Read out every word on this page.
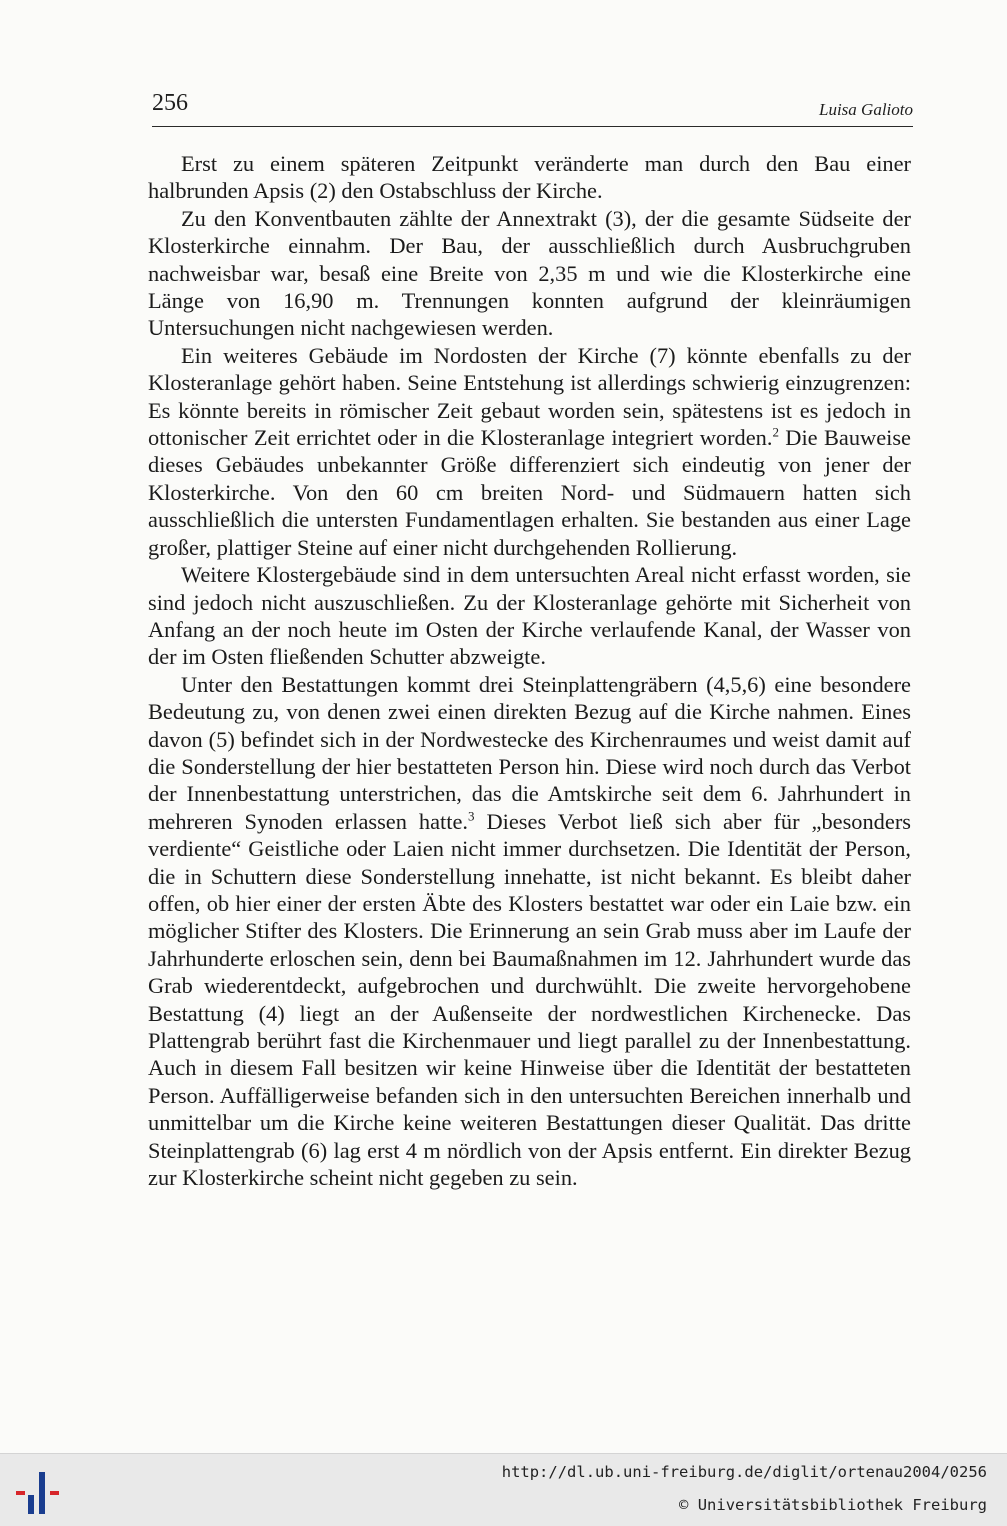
256	Luisa Galioto

Erst zu einem späteren Zeitpunkt veränderte man durch den Bau einer halbrunden Apsis (2) den Ostabschluss der Kirche.

Zu den Konventbauten zählte der Annextrakt (3), der die gesamte Südseite der Klosterkirche einnahm. Der Bau, der ausschließlich durch Ausbruchgruben nachweisbar war, besaß eine Breite von 2,35 m und wie die Klosterkirche eine Länge von 16,90 m. Trennungen konnten aufgrund der kleinräumigen Untersuchungen nicht nachgewiesen werden.

Ein weiteres Gebäude im Nordosten der Kirche (7) könnte ebenfalls zu der Klosteranlage gehört haben. Seine Entstehung ist allerdings schwierig einzugrenzen: Es könnte bereits in römischer Zeit gebaut worden sein, spätestens ist es jedoch in ottonischer Zeit errichtet oder in die Klosteranlage integriert worden.$^2$ Die Bauweise dieses Gebäudes unbekannter Größe differenziert sich eindeutig von jener der Klosterkirche. Von den 60 cm breiten Nord- und Südmauern hatten sich ausschließlich die untersten Fundamentlagen erhalten. Sie bestanden aus einer Lage großer, plattiger Steine auf einer nicht durchgehenden Rollierung.

Weitere Klostergebäude sind in dem untersuchten Areal nicht erfasst worden, sie sind jedoch nicht auszuschließen. Zu der Klosteranlage gehörte mit Sicherheit von Anfang an der noch heute im Osten der Kirche verlaufende Kanal, der Wasser von der im Osten fließenden Schutter abzweigte.

Unter den Bestattungen kommt drei Steinplattengräbern (4,5,6) eine besondere Bedeutung zu, von denen zwei einen direkten Bezug auf die Kirche nahmen. Eines davon (5) befindet sich in der Nordwestecke des Kirchenraumes und weist damit auf die Sonderstellung der hier bestatteten Person hin. Diese wird noch durch das Verbot der Innenbestattung unterstrichen, das die Amtskirche seit dem 6. Jahrhundert in mehreren Synoden erlassen hatte.$^3$ Dieses Verbot ließ sich aber für „besonders verdiente“ Geistliche oder Laien nicht immer durchsetzen. Die Identität der Person, die in Schuttern diese Sonderstellung innehatte, ist nicht bekannt. Es bleibt daher offen, ob hier einer der ersten Äbte des Klosters bestattet war oder ein Laie bzw. ein möglicher Stifter des Klosters. Die Erinnerung an sein Grab muss aber im Laufe der Jahrhunderte erloschen sein, denn bei Baumaßnahmen im 12. Jahrhundert wurde das Grab wiederentdeckt, aufgebrochen und durchwühlt. Die zweite hervorgehobene Bestattung (4) liegt an der Außenseite der nordwestlichen Kirchenecke. Das Plattengrab berührt fast die Kirchenmauer und liegt parallel zu der Innenbestattung. Auch in diesem Fall besitzen wir keine Hinweise über die Identität der bestatteten Person. Auffälligerweise befanden sich in den untersuchten Bereichen innerhalb und unmittelbar um die Kirche keine weiteren Bestattungen dieser Qualität. Das dritte Steinplattengrab (6) lag erst 4 m nördlich von der Apsis entfernt. Ein direkter Bezug zur Klosterkirche scheint nicht gegeben zu sein.

http://dl.ub.uni-freiburg.de/diglit/ortenau2004/0256
© Universitätsbibliothek Freiburg
